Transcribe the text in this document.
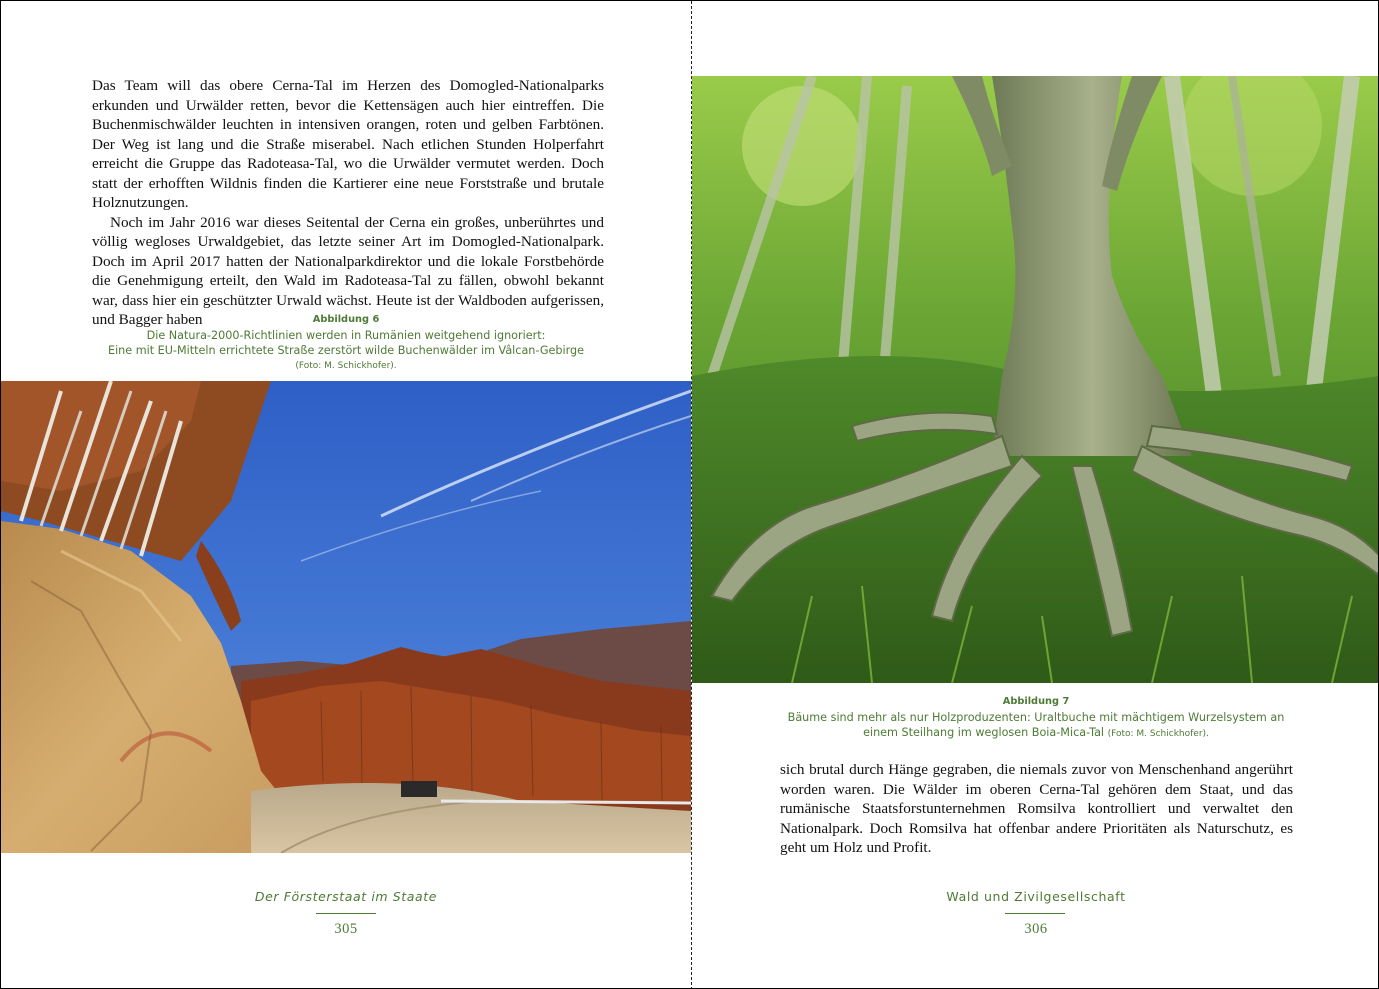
Das Team will das obere Cerna-Tal im Herzen des Domogled-Nationalparks erkunden und Urwälder retten, bevor die Kettensägen auch hier eintreffen. Die Buchenmischwälder leuchten in intensiven orangen, roten und gelben Farbtönen. Der Weg ist lang und die Straße miserabel. Nach etlichen Stunden Holperfahrt erreicht die Gruppe das Radoteasa-Tal, wo die Urwälder vermutet werden. Doch statt der erhofften Wildnis finden die Kartierer eine neue Forststraße und brutale Holznutzungen.

Noch im Jahr 2016 war dieses Seitental der Cerna ein großes, unberührtes und völlig wegloses Urwaldgebiet, das letzte seiner Art im Domogled-Nationalpark. Doch im April 2017 hatten der Nationalparkdirektor und die lokale Forstbehörde die Genehmigung erteilt, den Wald im Radoteasa-Tal zu fällen, obwohl bekannt war, dass hier ein geschützter Urwald wächst. Heute ist der Waldboden aufgerissen, und Bagger haben	Abbildung 6
Die Natura-2000-Richtlinien werden in Rumänien weitgehend ignoriert:
Eine mit EU-Mitteln errichtete Straße zerstört wilde Buchenwälder im Vâlcan-Gebirge
(Foto: M. Schickhofer).
Der Försterstaat im Staate
305
Abbildung 7
Bäume sind mehr als nur Holzproduzenten: Uraltbuche mit mächtigem Wurzelsystem an
einem Steilhang im weglosen Boia-Mica-Tal (Foto: M. Schickhofer).

sich brutal durch Hänge gegraben, die niemals zuvor von Menschenhand angerührt worden waren. Die Wälder im oberen Cerna-Tal gehören dem Staat, und das rumänische Staatsforstunternehmen Romsilva kontrolliert und verwaltet den Nationalpark. Doch Romsilva hat offenbar andere Prioritäten als Naturschutz, es geht um Holz und Profit.

Wald und Zivilgesellschaft
306
